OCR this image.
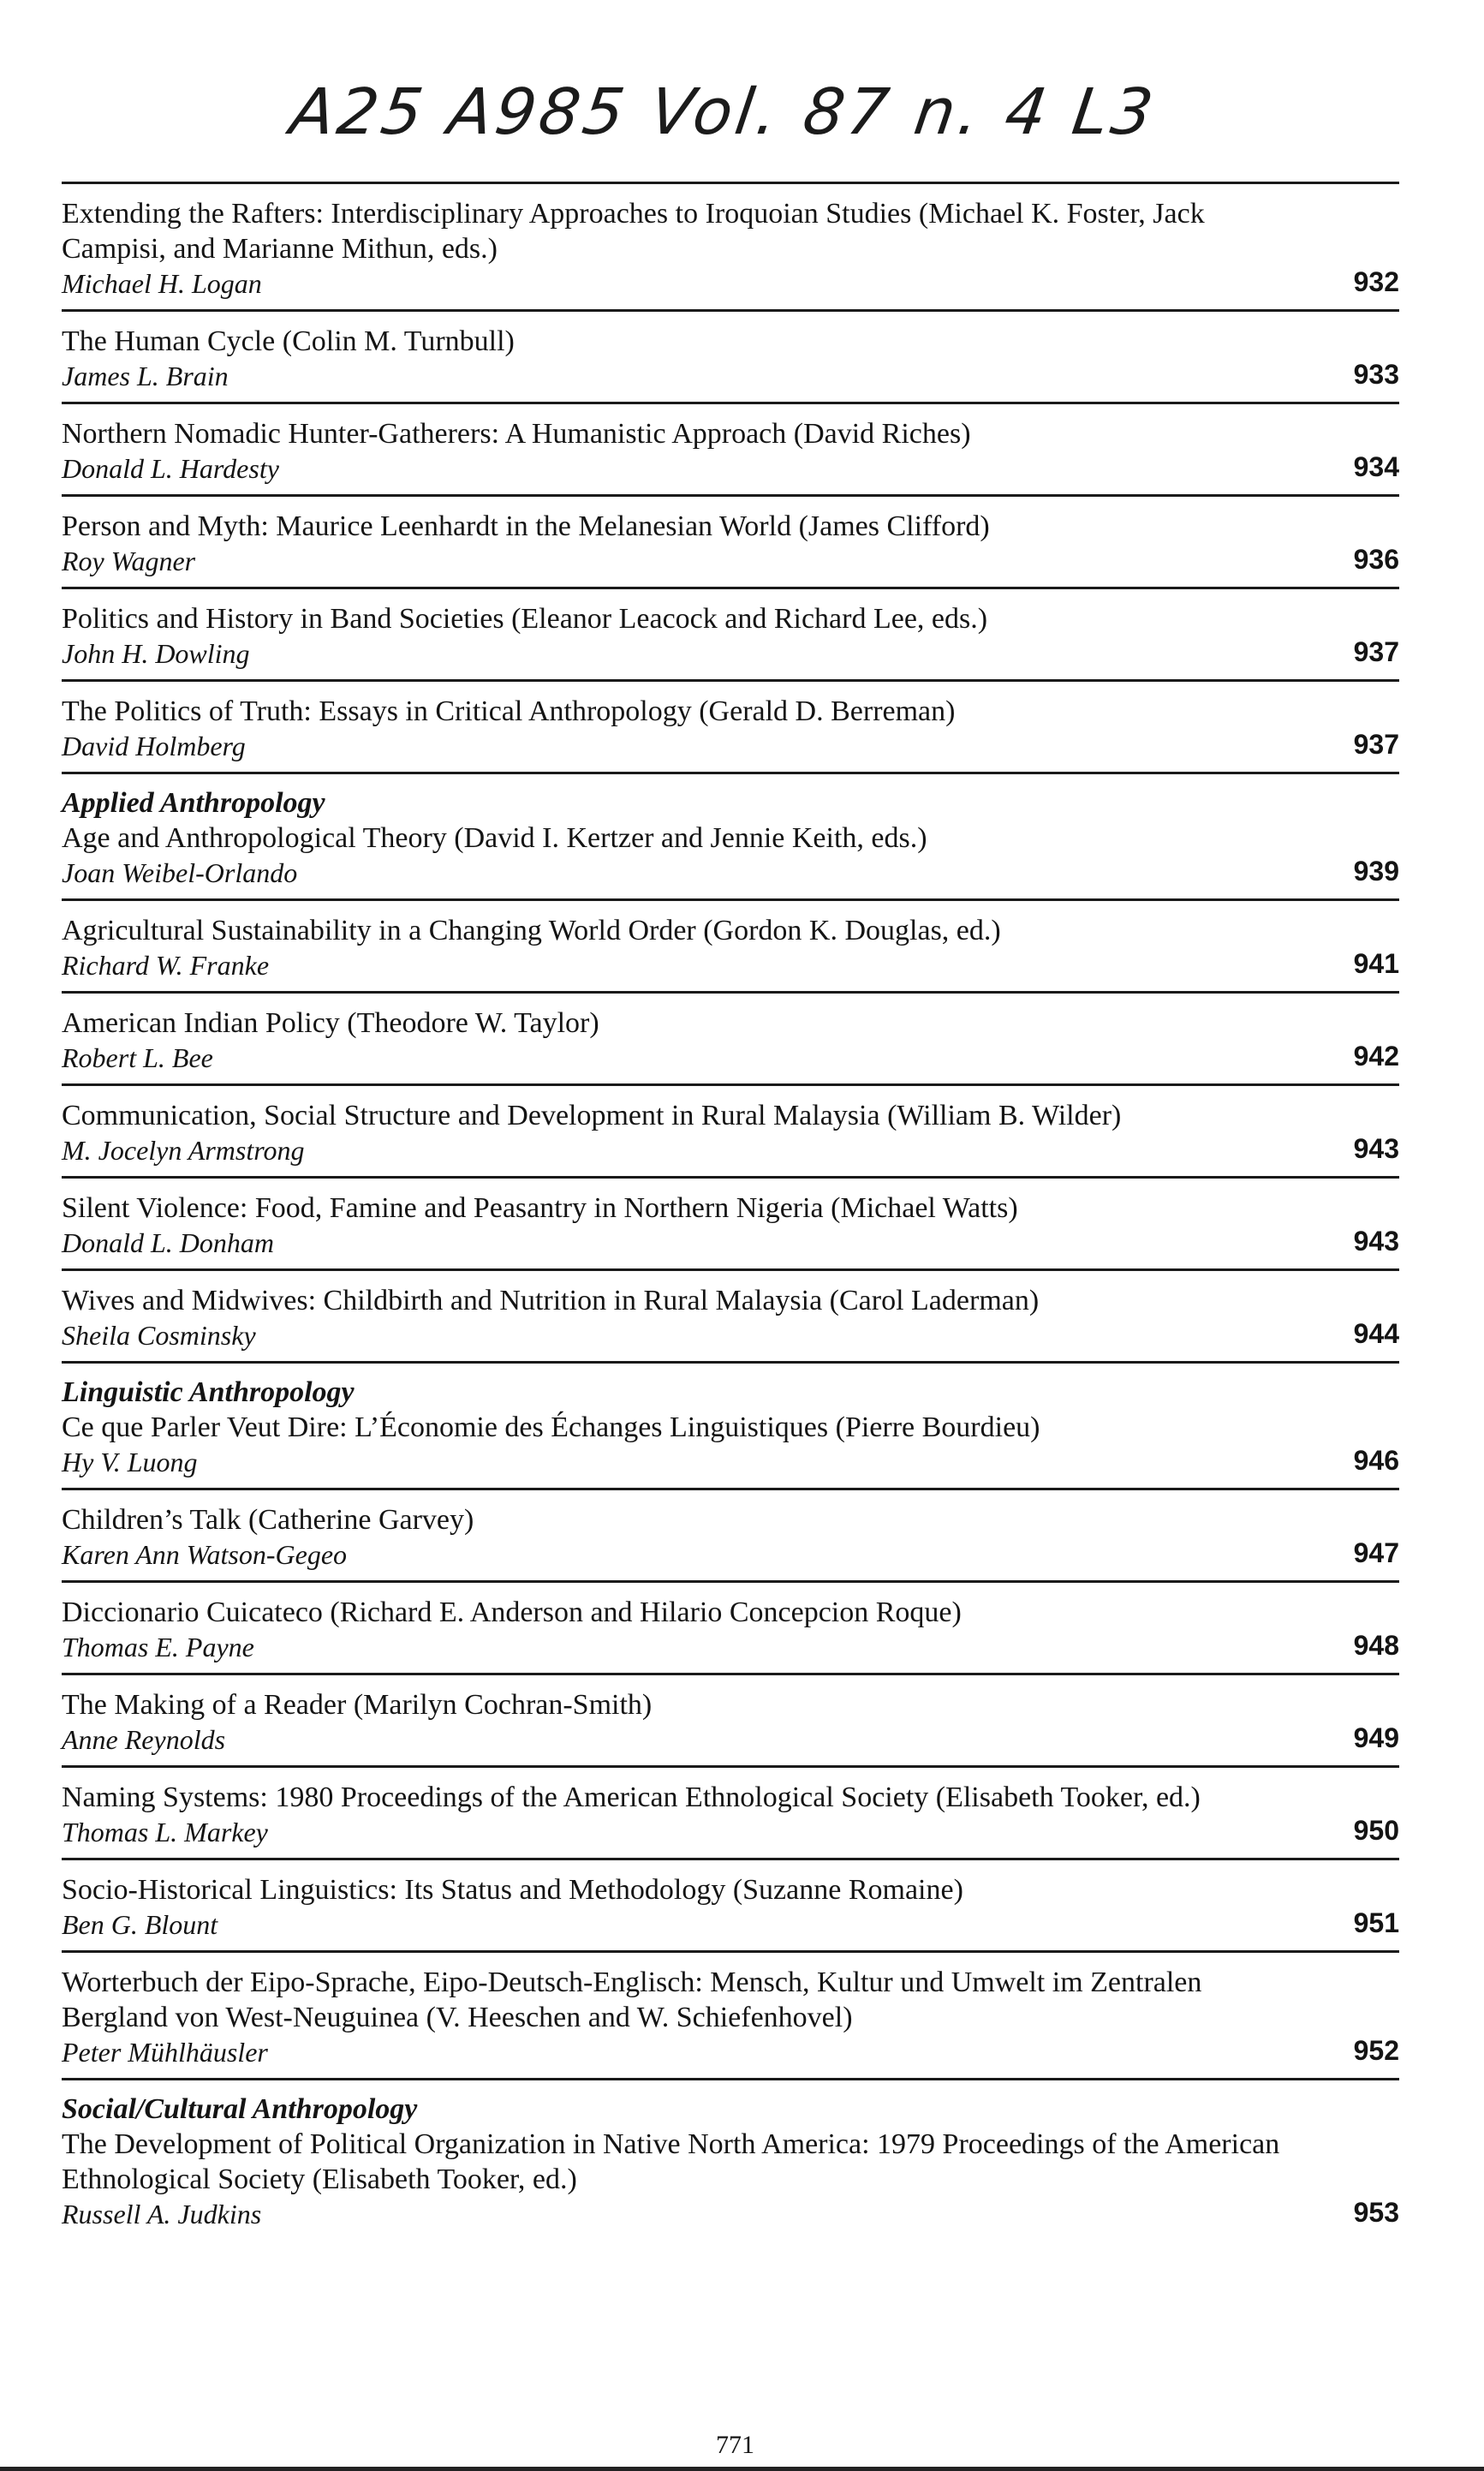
A25 A985 Vol. 87 n. 4 L3
Extending the Rafters: Interdisciplinary Approaches to Iroquoian Studies (Michael K. Foster, Jack Campisi, and Marianne Mithun, eds.)
Michael H. Logan	932
The Human Cycle (Colin M. Turnbull)
James L. Brain	933
Northern Nomadic Hunter-Gatherers: A Humanistic Approach (David Riches)
Donald L. Hardesty	934
Person and Myth: Maurice Leenhardt in the Melanesian World (James Clifford)
Roy Wagner	936
Politics and History in Band Societies (Eleanor Leacock and Richard Lee, eds.)
John H. Dowling	937
The Politics of Truth: Essays in Critical Anthropology (Gerald D. Berreman)
David Holmberg	937
Applied Anthropology
Age and Anthropological Theory (David I. Kertzer and Jennie Keith, eds.)
Joan Weibel-Orlando	939
Agricultural Sustainability in a Changing World Order (Gordon K. Douglas, ed.)
Richard W. Franke	941
American Indian Policy (Theodore W. Taylor)
Robert L. Bee	942
Communication, Social Structure and Development in Rural Malaysia (William B. Wilder)
M. Jocelyn Armstrong	943
Silent Violence: Food, Famine and Peasantry in Northern Nigeria (Michael Watts)
Donald L. Donham	943
Wives and Midwives: Childbirth and Nutrition in Rural Malaysia (Carol Laderman)
Sheila Cosminsky	944
Linguistic Anthropology
Ce que Parler Veut Dire: L’Économie des Échanges Linguistiques (Pierre Bourdieu)
Hy V. Luong	946
Children’s Talk (Catherine Garvey)
Karen Ann Watson-Gegeo	947
Diccionario Cuicateco (Richard E. Anderson and Hilario Concepcion Roque)
Thomas E. Payne	948
The Making of a Reader (Marilyn Cochran-Smith)
Anne Reynolds	949
Naming Systems: 1980 Proceedings of the American Ethnological Society (Elisabeth Tooker, ed.)
Thomas L. Markey	950
Socio-Historical Linguistics: Its Status and Methodology (Suzanne Romaine)
Ben G. Blount	951
Worterbuch der Eipo-Sprache, Eipo-Deutsch-Englisch: Mensch, Kultur und Umwelt im Zentralen Bergland von West-Neuguinea (V. Heeschen and W. Schiefenhovel)
Peter Mühlhäusler	952
Social/Cultural Anthropology
The Development of Political Organization in Native North America: 1979 Proceedings of the American Ethnological Society (Elisabeth Tooker, ed.)
Russell A. Judkins	953
771
